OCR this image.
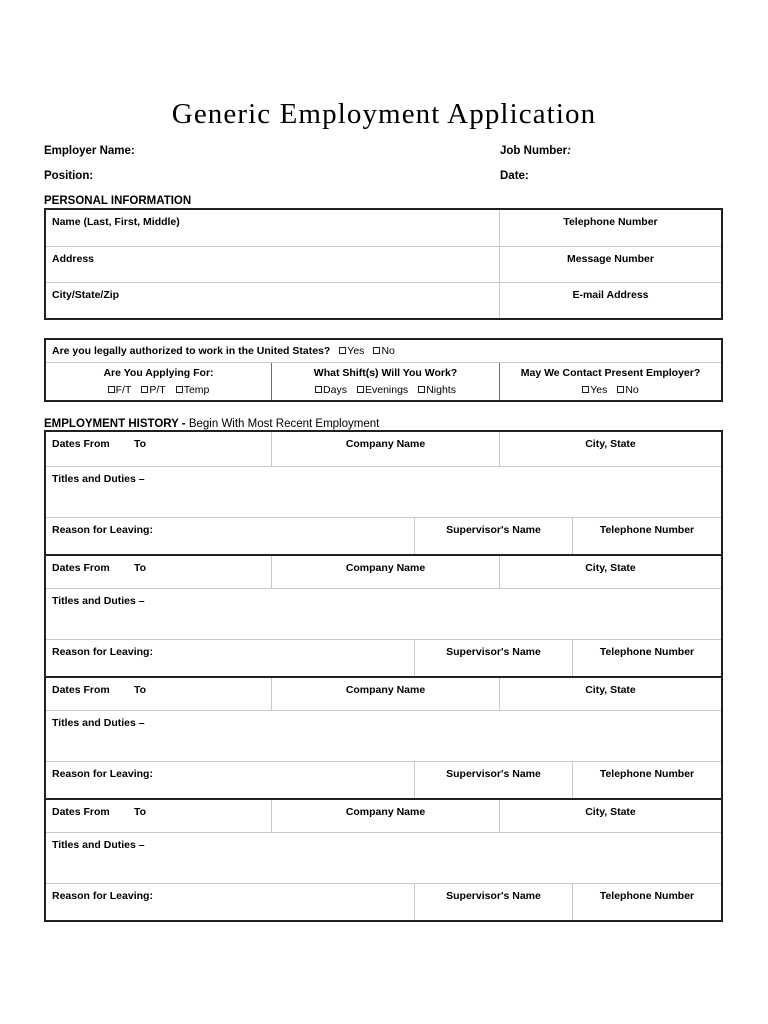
Generic Employment Application
Employer Name:	Job Number:
Position:	Date:
PERSONAL INFORMATION
Name (Last, First, Middle)	Telephone Number
Address	Message Number
City/State/Zip	E-mail Address
Are you legally authorized to work in the United States? Yes No
Are You Applying For:
F/T P/T Temp
What Shift(s) Will You Work?
Days Evenings Nights
May We Contact Present Employer?
Yes No
EMPLOYMENT HISTORY - Begin With Most Recent Employment
Dates From To	Company Name	City, State
Titles and Duties –
Reason for Leaving:	Supervisor's Name	Telephone Number
Dates From To	Company Name	City, State
Titles and Duties –
Reason for Leaving:	Supervisor's Name	Telephone Number
Dates From To	Company Name	City, State
Titles and Duties –
Reason for Leaving:	Supervisor's Name	Telephone Number
Dates From To	Company Name	City, State
Titles and Duties –
Reason for Leaving:	Supervisor's Name	Telephone Number
